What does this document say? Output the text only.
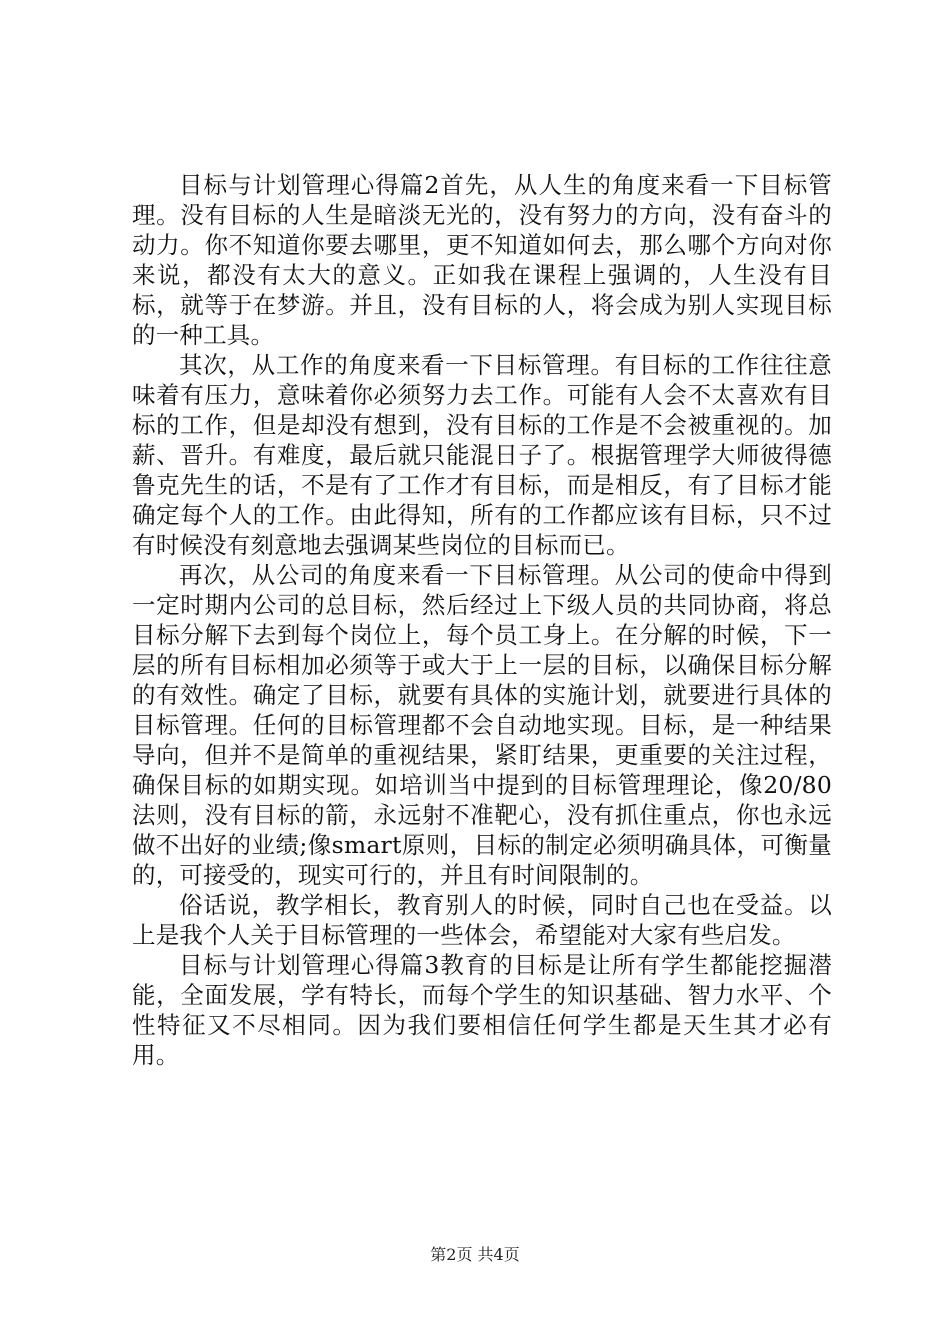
目标与计划管理心得篇2首先，从人生的角度来看一下目标管理。没有目标的人生是暗淡无光的，没有努力的方向，没有奋斗的动力。你不知道你要去哪里，更不知道如何去，那么哪个方向对你来说，都没有太大的意义。正如我在课程上强调的，人生没有目标，就等于在梦游。并且，没有目标的人，将会成为别人实现目标的一种工具。

其次，从工作的角度来看一下目标管理。有目标的工作往往意味着有压力，意味着你必须努力去工作。可能有人会不太喜欢有目标的工作，但是却没有想到，没有目标的工作是不会被重视的。加薪、晋升。有难度，最后就只能混日子了。根据管理学大师彼得德鲁克先生的话，不是有了工作才有目标，而是相反，有了目标才能确定每个人的工作。由此得知，所有的工作都应该有目标，只不过有时候没有刻意地去强调某些岗位的目标而已。

再次，从公司的角度来看一下目标管理。从公司的使命中得到一定时期内公司的总目标，然后经过上下级人员的共同协商，将总目标分解下去到每个岗位上，每个员工身上。在分解的时候，下一层的所有目标相加必须等于或大于上一层的目标，以确保目标分解的有效性。确定了目标，就要有具体的实施计划，就要进行具体的目标管理。任何的目标管理都不会自动地实现。目标，是一种结果导向，但并不是简单的重视结果，紧盯结果，更重要的关注过程，确保目标的如期实现。如培训当中提到的目标管理理论，像20/80法则，没有目标的箭，永远射不准靶心，没有抓住重点，你也永远做不出好的业绩;像smart原则，目标的制定必须明确具体，可衡量的，可接受的，现实可行的，并且有时间限制的。

俗话说，教学相长，教育别人的时候，同时自己也在受益。以上是我个人关于目标管理的一些体会，希望能对大家有些启发。

目标与计划管理心得篇3教育的目标是让所有学生都能挖掘潜能，全面发展，学有特长，而每个学生的知识基础、智力水平、个性特征又不尽相同。因为我们要相信任何学生都是天生其才必有用。

第2页 共4页
